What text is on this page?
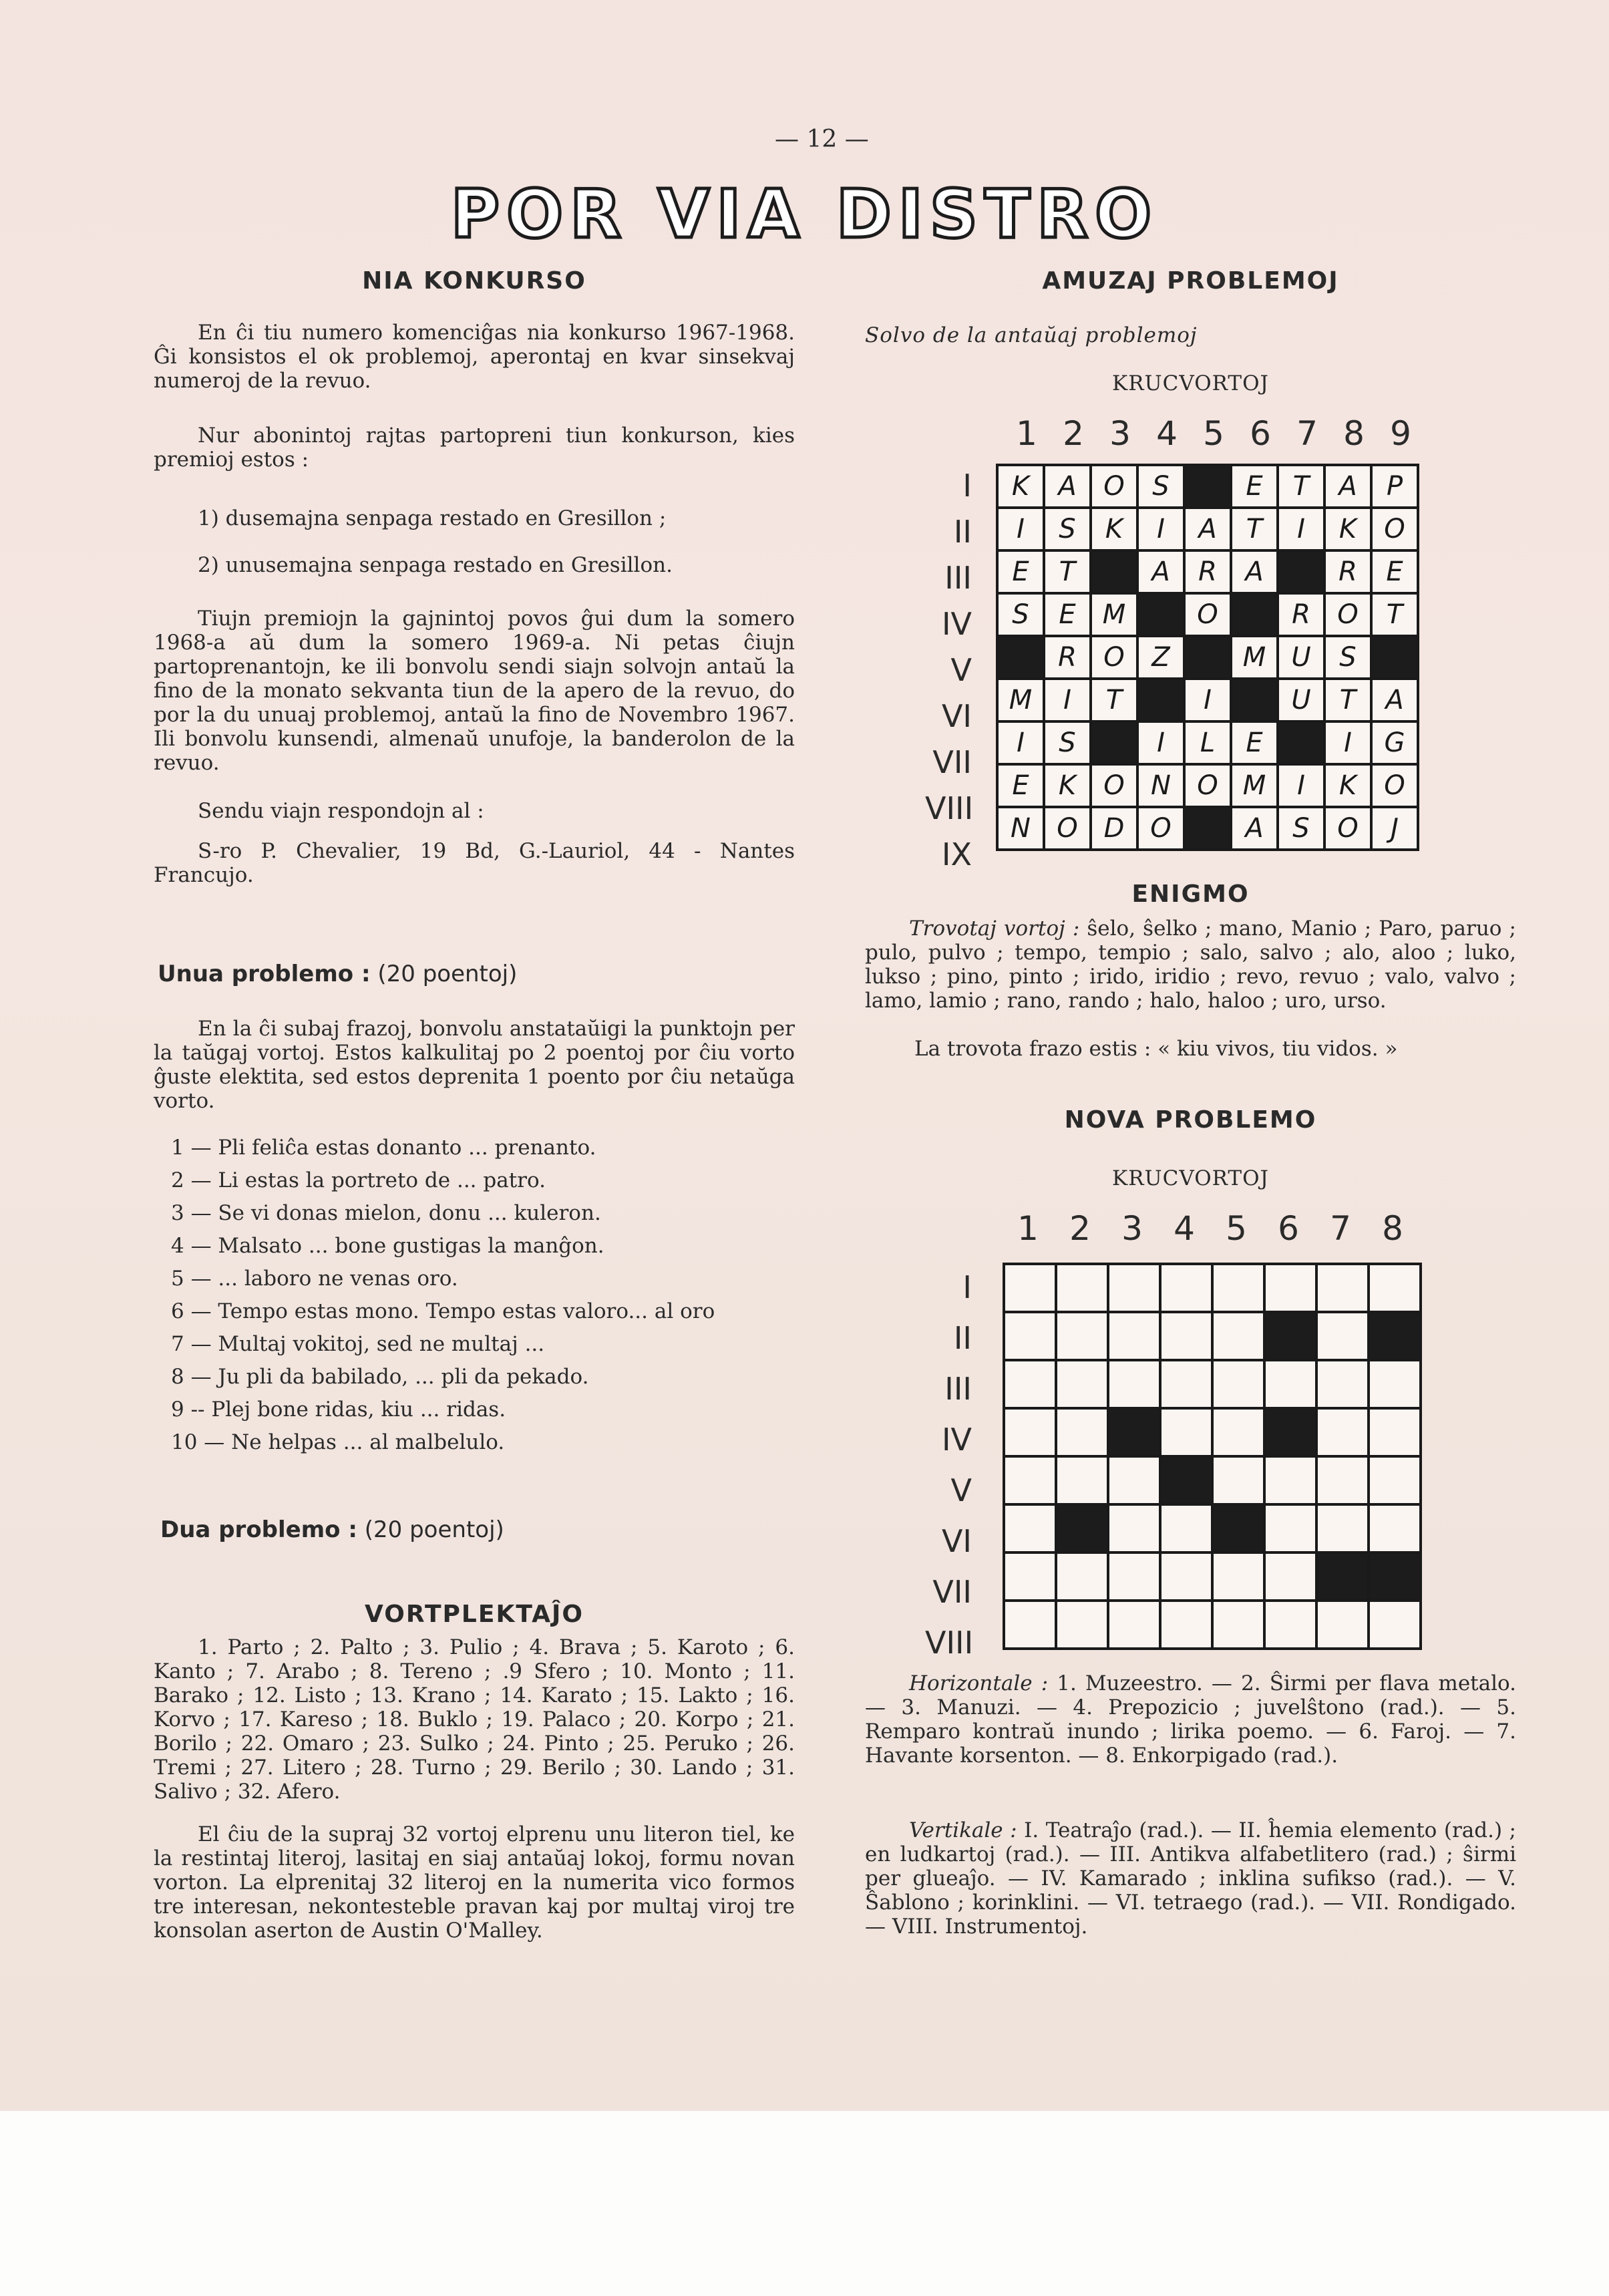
— 12 —
POR VIA DISTRO
NIA KONKURSO

En ĉi tiu numero komenciĝas nia konkurso 1967-1968. Ĝi konsistos el ok problemoj, aperontaj en kvar sinsekvaj numeroj de la revuo.

Nur abonintoj rajtas partopreni tiun konkurson, kies premioj estos :

1) dusemajna senpaga restado en Gresillon ;
2) unusemajna senpaga restado en Gresillon.

Tiujn premiojn la gajnintoj povos ĝui dum la somero 1968-a aŭ dum la somero 1969-a. Ni petas ĉiujn partoprenantojn, ke ili bonvolu sendi siajn solvojn antaŭ la fino de la monato sekvanta tiun de la apero de la revuo, do por la du unuaj problemoj, antaŭ la fino de Novembro 1967. Ili bonvolu kunsendi, almenaŭ unufoje, la banderolon de la revuo.

Sendu viajn respondojn al :

S-ro P. Chevalier, 19 Bd, G.-Lauriol, 44 - Nantes Francujo.

Unua problemo : (20 poentoj)

En la ĉi subaj frazoj, bonvolu anstataŭigi la punktojn per la taŭgaj vortoj. Estos kalkulitaj po 2 poentoj por ĉiu vorto ĝuste elektita, sed estos deprenita 1 poento por ĉiu netaŭga vorto.

1 — Pli feliĉa estas donanto ... prenanto.
2 — Li estas la portreto de ... patro.
3 — Se vi donas mielon, donu ... kuleron.
4 — Malsato ... bone gustigas la manĝon.
5 — ... laboro ne venas oro.
6 — Tempo estas mono. Tempo estas valoro... al oro
7 — Multaj vokitoj, sed ne multaj ...
8 — Ju pli da babilado, ... pli da pekado.
9 -- Plej bone ridas, kiu ... ridas.
10 — Ne helpas ... al malbelulo.
Dua problemo : (20 poentoj)
VORTPLEKTAĴO

1. Parto ; 2. Palto ; 3. Pulio ; 4. Brava ; 5. Karoto ; 6. Kanto ; 7. Arabo ; 8. Tereno ; .9 Sfero ; 10. Monto ; 11. Barako ; 12. Listo ; 13. Krano ; 14. Karato ; 15. Lakto ; 16. Korvo ; 17. Kareso ; 18. Buklo ; 19. Palaco ; 20. Korpo ; 21. Borilo ; 22. Omaro ; 23. Sulko ; 24. Pinto ; 25. Peruko ; 26. Tremi ; 27. Litero ; 28. Turno ; 29. Berilo ; 30. Lando ; 31. Salivo ; 32. Afero.

El ĉiu de la supraj 32 vortoj elprenu unu literon tiel, ke la restintaj literoj, lasitaj en siaj antaŭaj lokoj, formu novan vorton. La elprenitaj 32 literoj en la numerita vico formos tre interesan, nekontesteble pravan kaj por multaj viroj tre konsolan aserton de Austin O'Malley.

AMUZAJ PROBLEMOJ
Solvo de la antaŭaj problemoj
KRUCVORTOJ
1 2 3 4 5 6 7 8 9
I
II
III
IV
V
VI
VII
VIII
IX
K	A	O	S		E	T	A	P
I	S	K	I	A	T	I	K	O
E	T		A	R	A		R	E
S	E	M		O		R	O	T
	R	O	Z		M	U	S	
M	I	T		I		U	T	A
I	S		I	L	E		I	G
E	K	O	N	O	M	I	K	O
N	O	D	O		A	S	O	J
ENIGMO

Trovotaj vortoj : ŝelo, ŝelko ; mano, Manio ; Paro, paruo ; pulo, pulvo ; tempo, tempio ; salo, salvo ; alo, aloo ; luko, lukso ; pino, pinto ; irido, iridio ; revo, revuo ; valo, valvo ; lamo, lamio ; rano, rando ; halo, haloo ; uro, urso.

La trovota frazo estis : « kiu vivos, tiu vidos. »
NOVA PROBLEMO
KRUCVORTOJ
1 2 3 4 5 6 7 8
I
II
III
IV
V
VI
VII
VIII

Horizontale : 1. Muzeestro. — 2. Ŝirmi per flava metalo. — 3. Manuzi. — 4. Prepozicio ; juvelŝtono (rad.). — 5. Remparo kontraŭ inundo ; lirika poemo. — 6. Faroj. — 7. Havante korsenton. — 8. Enkorpigado (rad.).

Vertikale : I. Teatraĵo (rad.). — II. ĥemia elemento (rad.) ; en ludkartoj (rad.). — III. Antikva alfabetlitero (rad.) ; ŝirmi per glueaĵo. — IV. Kamarado ; inklina sufikso (rad.). — V. Ŝablono ; korinklini. — VI. tetraego (rad.). — VII. Rondigado. — VIII. Instrumentoj.
